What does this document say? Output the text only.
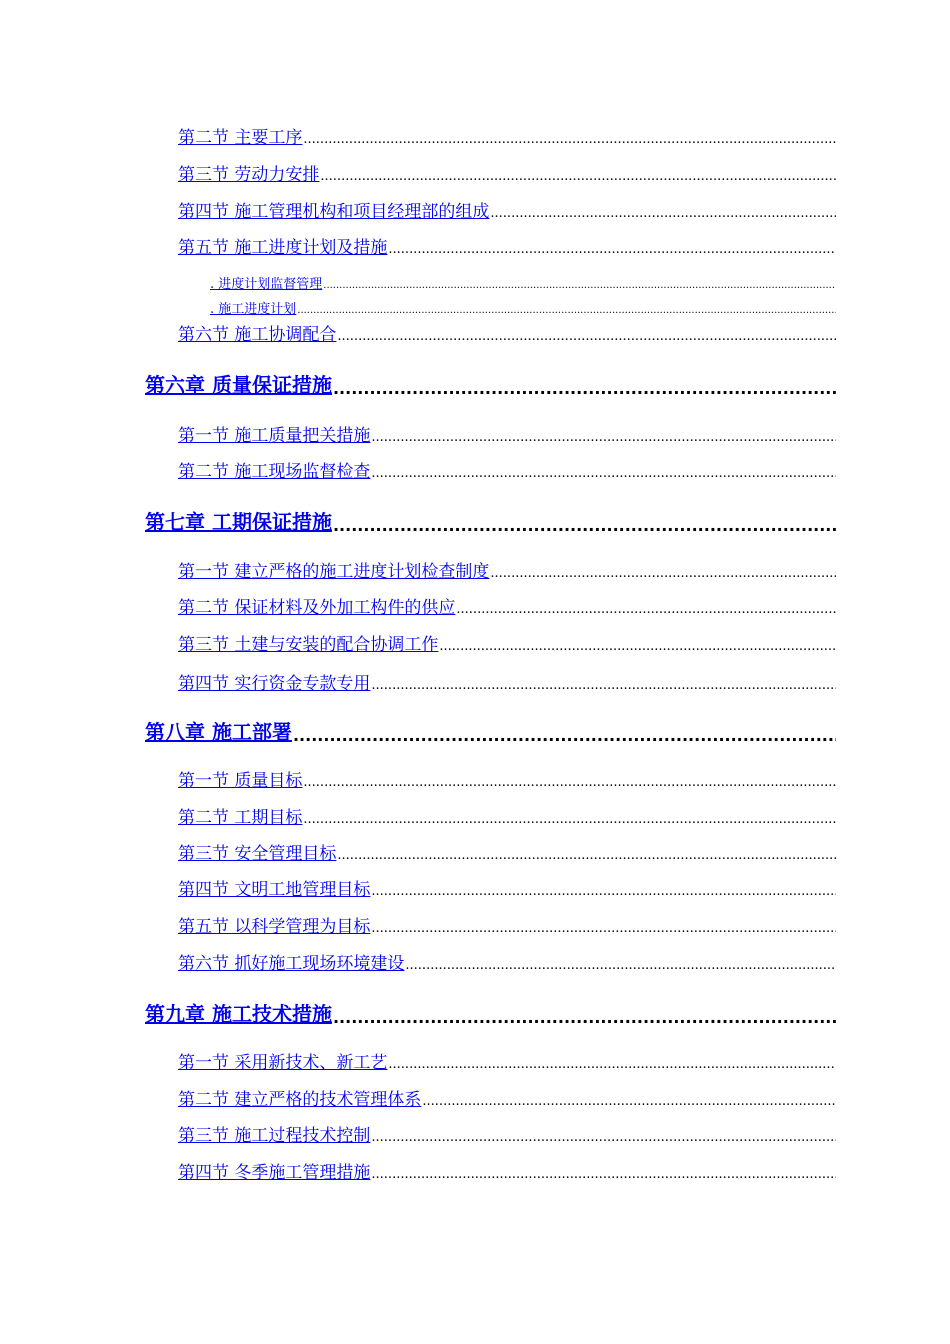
第二节 主要工序
.....
第三节 劳动力安排
.....
第四节 施工管理机构和项目经理部的组成
.....
第五节 施工进度计划及措施
.....
. 进度计划监督管理
.....
. 施工进度计划
.....
第六节 施工协调配合
.....
第六章 质量保证措施
.....
第一节 施工质量把关措施
.....
第二节 施工现场监督检查
.....
第七章 工期保证措施
.....
第一节 建立严格的施工进度计划检查制度
.....
第二节 保证材料及外加工构件的供应
.....
第三节 土建与安装的配合协调工作
.....
第四节 实行资金专款专用
.....
第八章 施工部署
.....
第一节 质量目标
.....
第二节 工期目标
.....
第三节 安全管理目标
.....
第四节 文明工地管理目标
.....
第五节 以科学管理为目标
.....
第六节 抓好施工现场环境建设
.....
第九章 施工技术措施
.....
第一节 采用新技术、新工艺
.....
第二节 建立严格的技术管理体系
.....
第三节 施工过程技术控制
.....
第四节 冬季施工管理措施
.....
